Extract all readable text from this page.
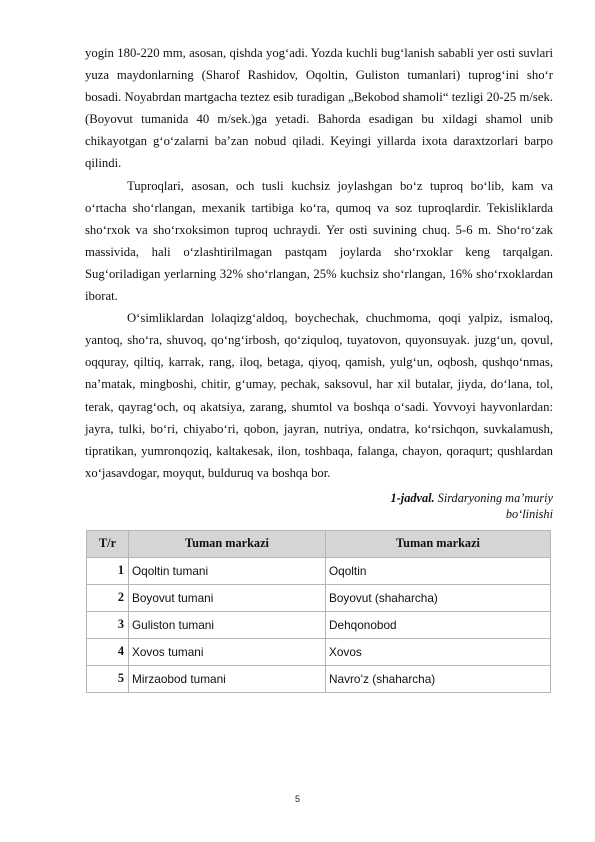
yogin 180-220 mm, asosan, qishda yogʻadi. Yozda kuchli bugʻlanish sababli yer osti suvlari yuza maydonlarning (Sharof Rashidov, Oqoltin, Guliston tumanlari) tuprogʻini shoʻr bosadi. Noyabrdan martgacha teztez esib turadigan „Bekobod shamoli“ tezligi 20-25 m/sek. (Boyovut tumanida 40 m/sek.)ga yetadi. Bahorda esadigan bu xildagi shamol unib chikayotgan gʻoʻzalarni baʼzan nobud qiladi. Keyingi yillarda ixota daraxtzorlari barpo qilindi.

Tuproqlari, asosan, och tusli kuchsiz joylashgan boʻz tuproq boʻlib, kam va oʻrtacha shoʻrlangan, mexanik tartibiga koʻra, qumoq va soz tuproqlardir. Tekisliklarda shoʻrxok va shoʻrxoksimon tuproq uchraydi. Yer osti suvining chuq. 5-6 m. Shoʻroʻzak massivida, hali oʻzlashtirilmagan pastqam joylarda shoʻrxoklar keng tarqalgan. Sugʻoriladigan yerlarning 32% shoʻrlangan, 25% kuchsiz shoʻrlangan, 16% shoʻrxoklardan iborat.

Oʻsimliklardan lolaqizgʻaldoq, boychechak, chuchmoma, qoqi yalpiz, ismaloq, yantoq, shoʻra, shuvoq, qoʻngʻirbosh, qoʻziquloq, tuyatovon, quyonsuyak. juzgʻun, qovul, oqquray, qiltiq, karrak, rang, iloq, betaga, qiyoq, qamish, yulgʻun, oqbosh, qushqoʻnmas, naʼmatak, mingboshi, chitir, gʻumay, pechak, saksovul, har xil butalar, jiyda, doʻlana, tol, terak, qayragʻoch, oq akatsiya, zarang, shumtol va boshqa oʻsadi. Yovvoyi hayvonlardan: jayra, tulki, boʻri, chiyaboʻri, qobon, jayran, nutriya, ondatra, koʻrsichqon, suvkalamush, tipratikan, yumronqoziq, kaltakesak, ilon, toshbaqa, falanga, chayon, qoraqurt; qushlardan xoʻjasavdogar, moyqut, bulduruq va boshqa bor.

1-jadval. Sirdaryoning maʼmuriy
boʻlinishi
T/r	Tuman markazi	Tuman markazi
1	Oqoltin tumani	Oqoltin
2	Boyovut tumani	Boyovut (shaharcha)
3	Guliston tumani	Dehqonobod
4	Xovos tumani	Xovos
5	Mirzaobod tumani	Navroʻz (shaharcha)
5
